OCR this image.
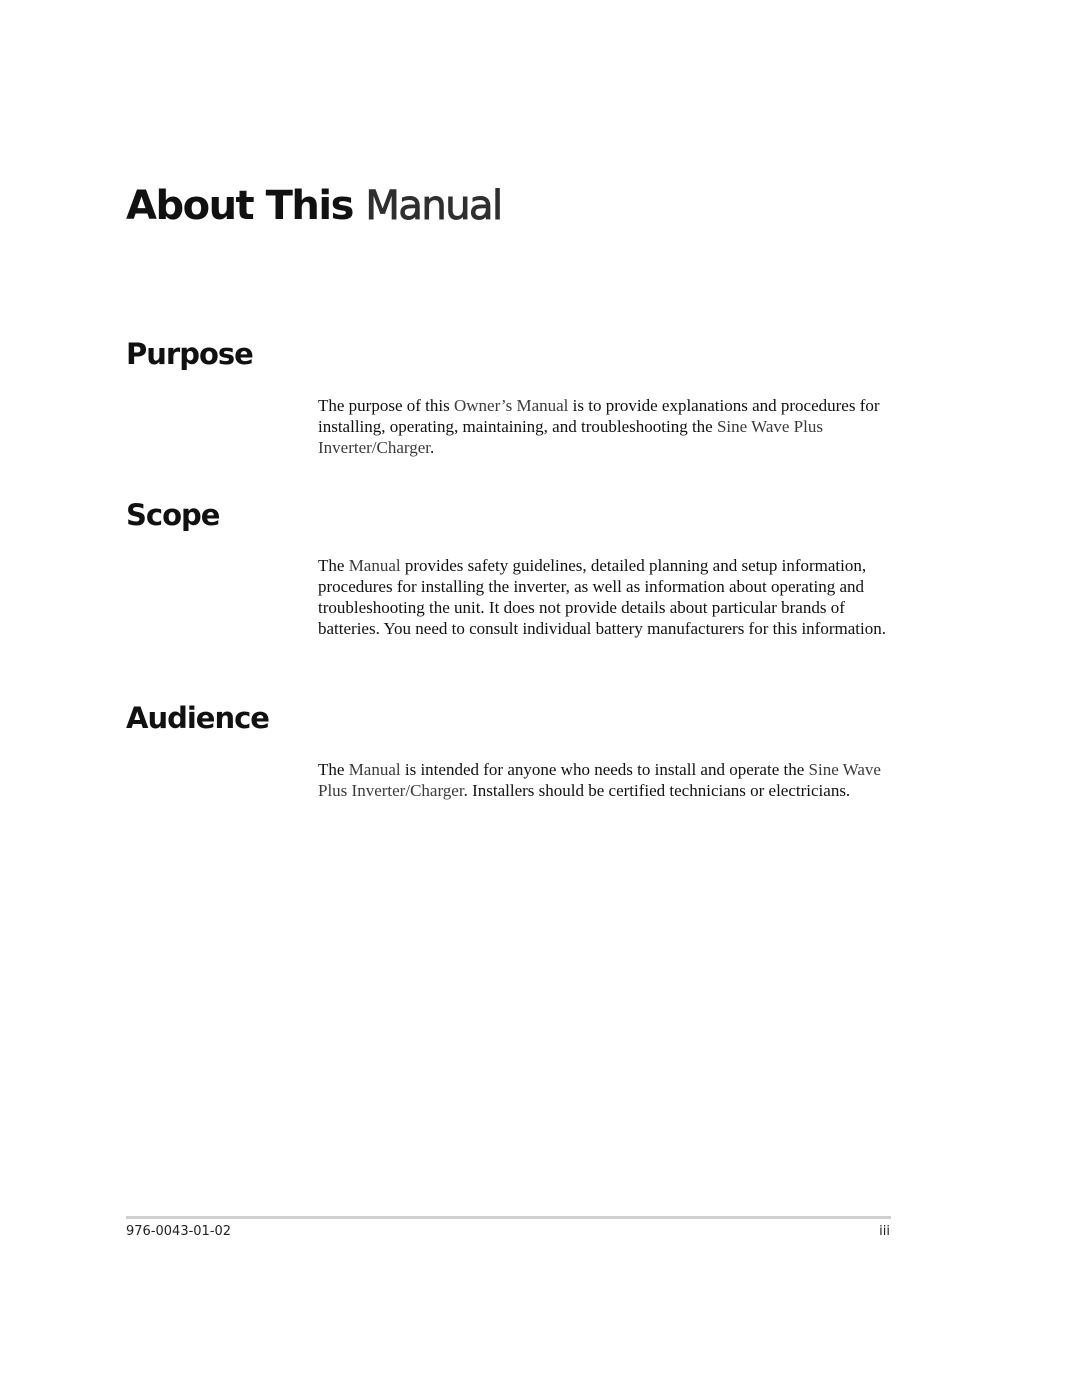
About This Manual
Purpose

The purpose of this Owner’s Manual is to provide explanations and procedures for installing, operating, maintaining, and troubleshooting the Sine Wave Plus Inverter/Charger.

Scope

The Manual provides safety guidelines, detailed planning and setup information, procedures for installing the inverter, as well as information about operating and troubleshooting the unit. It does not provide details about particular brands of batteries. You need to consult individual battery manufacturers for this information.

Audience

The Manual is intended for anyone who needs to install and operate the Sine Wave Plus Inverter/Charger. Installers should be certified technicians or electricians.

976-0043-01-02	iii
